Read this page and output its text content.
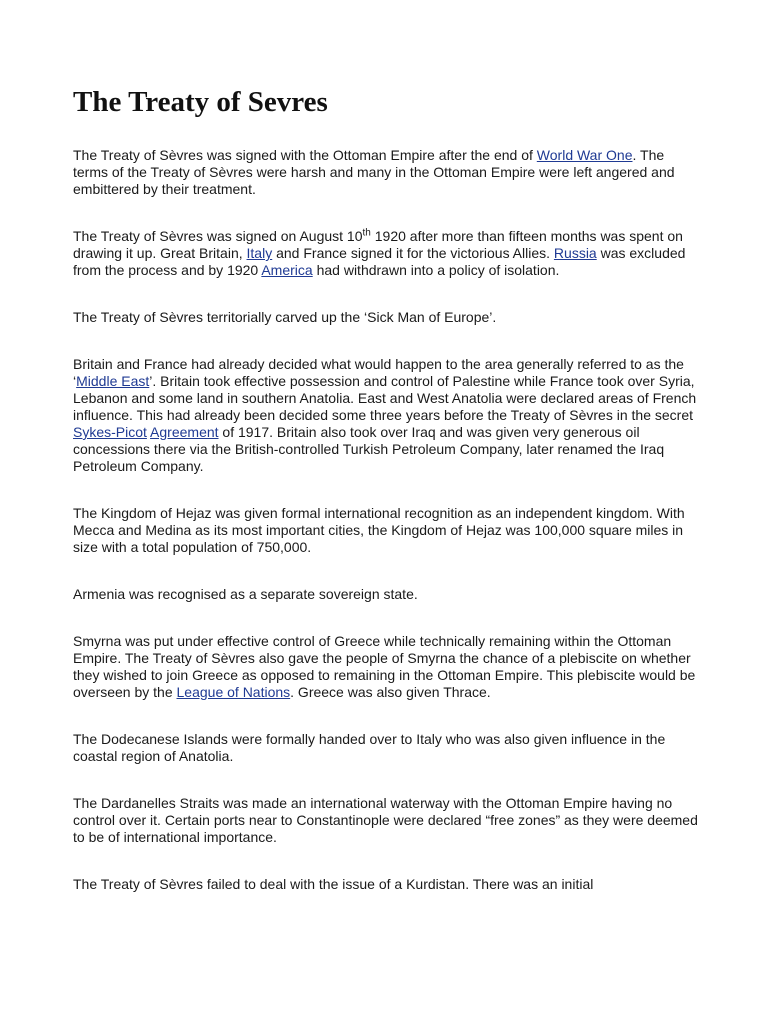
The Treaty of Sevres

The Treaty of Sèvres was signed with the Ottoman Empire after the end of World War One. The terms of the Treaty of Sèvres were harsh and many in the Ottoman Empire were left angered and embittered by their treatment.

The Treaty of Sèvres was signed on August 10th 1920 after more than fifteen months was spent on drawing it up. Great Britain, Italy and France signed it for the victorious Allies. Russia was excluded from the process and by 1920 America had withdrawn into a policy of isolation.

The Treaty of Sèvres territorially carved up the ‘Sick Man of Europe’.

Britain and France had already decided what would happen to the area generally referred to as the ‘Middle East’. Britain took effective possession and control of Palestine while France took over Syria, Lebanon and some land in southern Anatolia. East and West Anatolia were declared areas of French influence. This had already been decided some three years before the Treaty of Sèvres in the secret Sykes-Picot Agreement of 1917. Britain also took over Iraq and was given very generous oil concessions there via the British-controlled Turkish Petroleum Company, later renamed the Iraq Petroleum Company.

The Kingdom of Hejaz was given formal international recognition as an independent kingdom. With Mecca and Medina as its most important cities, the Kingdom of Hejaz was 100,000 square miles in size with a total population of 750,000.

Armenia was recognised as a separate sovereign state.

Smyrna was put under effective control of Greece while technically remaining within the Ottoman Empire. The Treaty of Sèvres also gave the people of Smyrna the chance of a plebiscite on whether they wished to join Greece as opposed to remaining in the Ottoman Empire. This plebiscite would be overseen by the League of Nations. Greece was also given Thrace.

The Dodecanese Islands were formally handed over to Italy who was also given influence in the coastal region of Anatolia.

The Dardanelles Straits was made an international waterway with the Ottoman Empire having no control over it. Certain ports near to Constantinople were declared “free zones” as they were deemed to be of international importance.

The Treaty of Sèvres failed to deal with the issue of a Kurdistan. There was an initial
